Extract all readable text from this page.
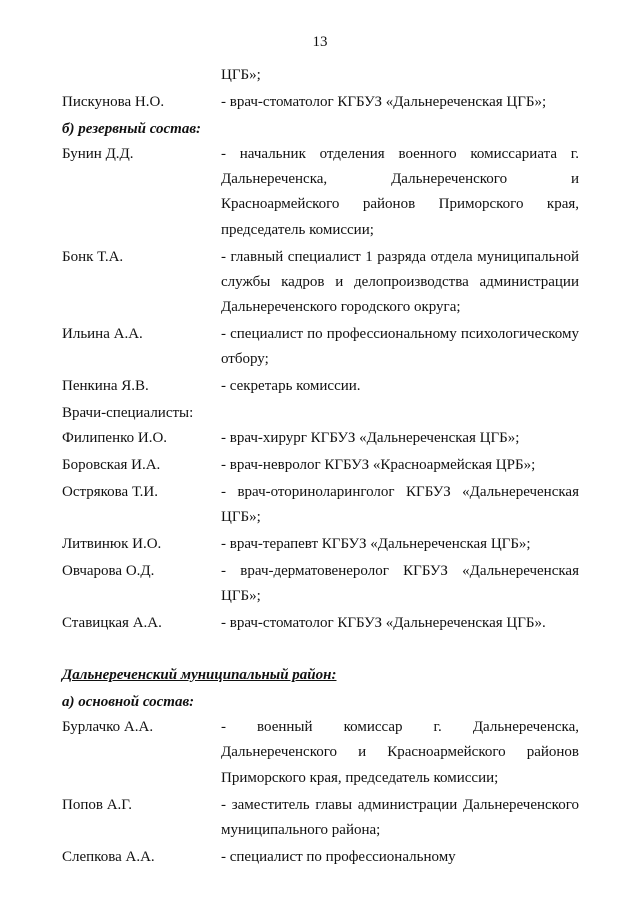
13
ЦГБ»;
Пискунова Н.О.	- врач-стоматолог КГБУЗ «Дальнереченская ЦГБ»;
б) резервный состав:
Бунин Д.Д.	- начальник отделения военного комиссариата г. Дальнереченска, Дальнереченского и Красноармейского районов Приморского края, председатель комиссии;
Бонк Т.А.	- главный специалист 1 разряда отдела муниципальной службы кадров и делопроизводства администрации Дальнереченского городского округа;
Ильина А.А.	- специалист по профессиональному психологическому отбору;
Пенкина Я.В.	- секретарь комиссии.
Врачи-специалисты:
Филипенко И.О.	- врач-хирург КГБУЗ «Дальнереченская ЦГБ»;
Боровская И.А.	- врач-невролог КГБУЗ «Красноармейская ЦРБ»;
Острякова Т.И.	- врач-оториноларинголог КГБУЗ «Дальнереченская ЦГБ»;
Литвинюк И.О.	- врач-терапевт КГБУЗ «Дальнереченская ЦГБ»;
Овчарова О.Д.	- врач-дерматовенеролог КГБУЗ «Дальнереченская ЦГБ»;
Ставицкая А.А.	- врач-стоматолог КГБУЗ «Дальнереченская ЦГБ».
Дальнереченский муниципальный район:
а) основной состав:
Бурлачко А.А.	- военный комиссар г. Дальнереченска, Дальнереченского и Красноармейского районов Приморского края, председатель комиссии;
Попов А.Г.	- заместитель главы администрации Дальнереченского муниципального района;
Слепкова А.А.	- специалист по профессиональному
